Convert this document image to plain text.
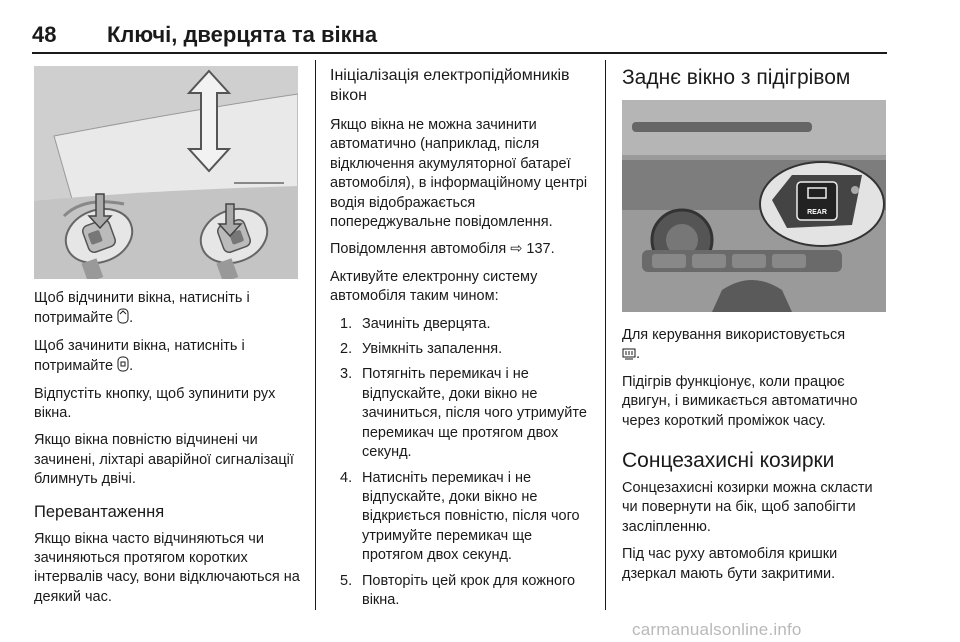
48 Ключі, дверцята та вікна

Щоб відчинити вікна, натисніть і потримайте .

Щоб зачинити вікна, натисніть і потримайте .

Відпустіть кнопку, щоб зупинити рух вікна.

Якщо вікна повністю відчинені чи зачинені, ліхтарі аварійної сигналізації блимнуть двічі.

Перевантаження

Якщо вікна часто відчиняються чи зачиняються протягом коротких інтервалів часу, вони відключаються на деякий час.

Ініціалізація електропідйомників вікон

Якщо вікна не можна зачинити автоматично (наприклад, після відключення акумуляторної батареї автомобіля), в інформаційному центрі водія відображається попереджувальне повідомлення.

Повідомлення автомобіля ⇨ 137.

Активуйте електронну систему автомобіля таким чином:

1. Зачиніть дверцята.
2. Увімкніть запалення.
3. Потягніть перемикач і не відпускайте, доки вікно не зачиниться, після чого утримуйте перемикач ще протягом двох секунд.
4. Натисніть перемикач і не відпускайте, доки вікно не відкриється повністю, після чого утримуйте перемикач ще протягом двох секунд.
5. Повторіть цей крок для кожного вікна.
Заднє вікно з підігрівом
REAR

Для керування використовується
.

Підігрів функціонує, коли працює двигун, і вимикається автоматично через короткий проміжок часу.

Сонцезахисні козирки

Сонцезахисні козирки можна скласти чи повернути на бік, щоб запобігти засліпленню.

Під час руху автомобіля кришки дзеркал мають бути закритими.

carmanualsonline.info
